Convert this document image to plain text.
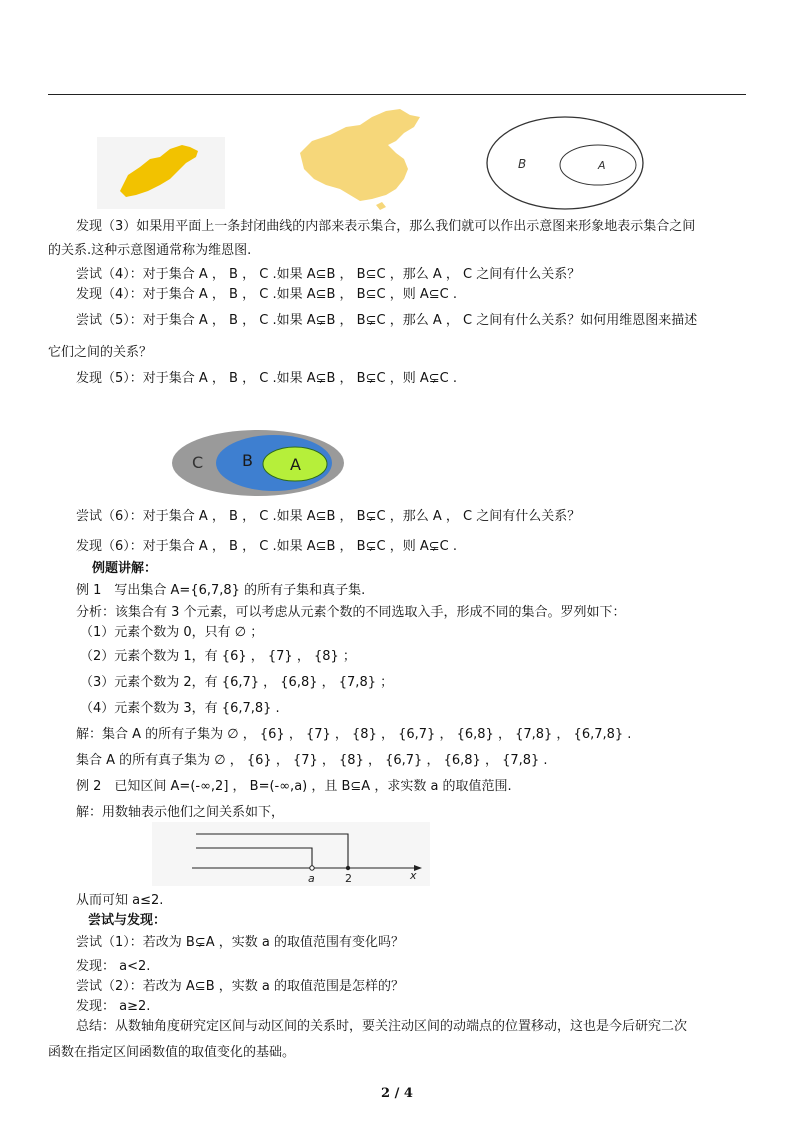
B	A
发现（3）如果用平面上一条封闭曲线的内部来表示集合，那么我们就可以作出示意图来形象地表示集合之间
的关系.这种示意图通常称为维恩图.
尝试（4）：对于集合 A ， B ， C .如果 A⊆B ， B⊆C ，那么 A ， C 之间有什么关系？
发现（4）：对于集合 A ， B ， C .如果 A⊆B ， B⊆C ，则 A⊆C .
尝试（5）：对于集合 A ， B ， C .如果 A⊊B ， B⊊C ，那么 A ， C 之间有什么关系？如何用维恩图来描述
它们之间的关系？
发现（5）：对于集合 A ， B ， C .如果 A⊊B ， B⊊C ，则 A⊊C .
C B A
尝试（6）：对于集合 A ， B ， C .如果 A⊆B ， B⊊C ，那么 A ， C 之间有什么关系？
发现（6）：对于集合 A ， B ， C .如果 A⊆B ， B⊊C ，则 A⊊C .
例题讲解：
例 1　写出集合 A={6,7,8} 的所有子集和真子集.
分析：该集合有 3 个元素，可以考虑从元素个数的不同选取入手，形成不同的集合。罗列如下：
（1）元素个数为 0，只有 ∅ ；
（2）元素个数为 1，有 {6} ， {7} ， {8} ；
（3）元素个数为 2，有 {6,7} ， {6,8} ， {7,8} ；
（4）元素个数为 3，有 {6,7,8} .
解：集合 A 的所有子集为 ∅ ， {6} ， {7} ， {8} ， {6,7} ， {6,8} ， {7,8} ， {6,7,8} .
集合 A 的所有真子集为 ∅ ， {6} ， {7} ， {8} ， {6,7} ， {6,8} ， {7,8} .
例 2　已知区间 A=(-∞,2] ， B=(-∞,a) ，且 B⊆A ，求实数 a 的取值范围.
解：用数轴表示他们之间关系如下，
a	2	x
从而可知 a≤2.
尝试与发现：
尝试（1）：若改为 B⊊A ，实数 a 的取值范围有变化吗？
发现： a<2.
尝试（2）：若改为 A⊆B ，实数 a 的取值范围是怎样的？
发现： a≥2.
总结：从数轴角度研究定区间与动区间的关系时，要关注动区间的动端点的位置移动，这也是今后研究二次
函数在指定区间函数值的取值变化的基础。
2 / 4
